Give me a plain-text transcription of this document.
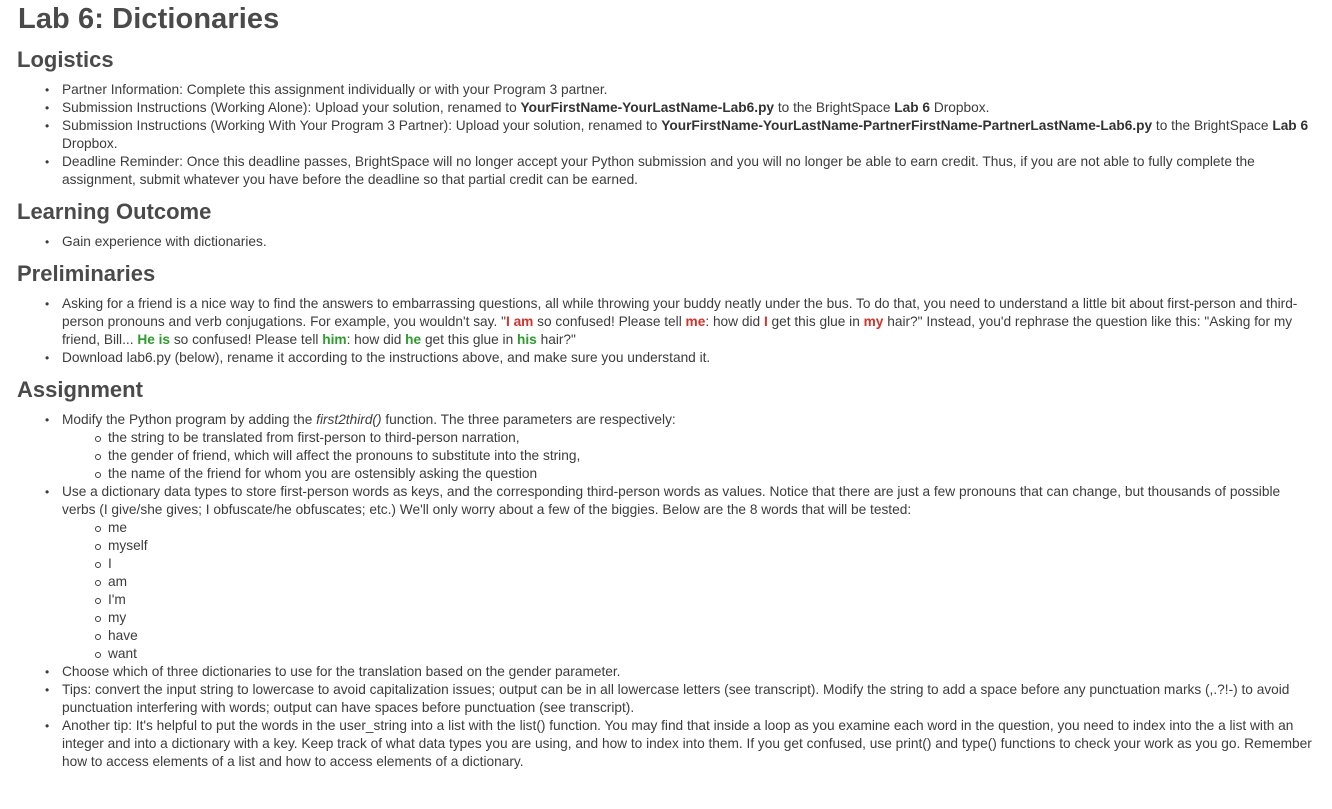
Lab 6: Dictionaries
Logistics
• Partner Information: Complete this assignment individually or with your Program 3 partner.
• Submission Instructions (Working Alone): Upload your solution, renamed to YourFirstName-YourLastName-Lab6.py to the BrightSpace Lab 6 Dropbox.
• Submission Instructions (Working With Your Program 3 Partner): Upload your solution, renamed to YourFirstName-YourLastName-PartnerFirstName-PartnerLastName-Lab6.py to the BrightSpace Lab 6 Dropbox.
• Deadline Reminder: Once this deadline passes, BrightSpace will no longer accept your Python submission and you will no longer be able to earn credit. Thus, if you are not able to fully complete the assignment, submit whatever you have before the deadline so that partial credit can be earned.
Learning Outcome
• Gain experience with dictionaries.
Preliminaries
• Asking for a friend is a nice way to find the answers to embarrassing questions, all while throwing your buddy neatly under the bus. To do that, you need to understand a little bit about first-person and third-person pronouns and verb conjugations. For example, you wouldn't say. "I am so confused! Please tell me: how did I get this glue in my hair?" Instead, you'd rephrase the question like this: "Asking for my friend, Bill... He is so confused! Please tell him: how did he get this glue in his hair?"
• Download lab6.py (below), rename it according to the instructions above, and make sure you understand it.
Assignment
• Modify the Python program by adding the first2third() function. The three parameters are respectively:
the string to be translated from first-person to third-person narration,
the gender of friend, which will affect the pronouns to substitute into the string,
the name of the friend for whom you are ostensibly asking the question
• Use a dictionary data types to store first-person words as keys, and the corresponding third-person words as values. Notice that there are just a few pronouns that can change, but thousands of possible verbs (I give/she gives; I obfuscate/he obfuscates; etc.) We'll only worry about a few of the biggies. Below are the 8 words that will be tested:
me
myself
I
am
I'm
my
have
want
• Choose which of three dictionaries to use for the translation based on the gender parameter.
• Tips: convert the input string to lowercase to avoid capitalization issues; output can be in all lowercase letters (see transcript). Modify the string to add a space before any punctuation marks (,.?!-) to avoid punctuation interfering with words; output can have spaces before punctuation (see transcript).
• Another tip: It's helpful to put the words in the user_string into a list with the list() function. You may find that inside a loop as you examine each word in the question, you need to index into the a list with an integer and into a dictionary with a key. Keep track of what data types you are using, and how to index into them. If you get confused, use print() and type() functions to check your work as you go. Remember how to access elements of a list and how to access elements of a dictionary.
